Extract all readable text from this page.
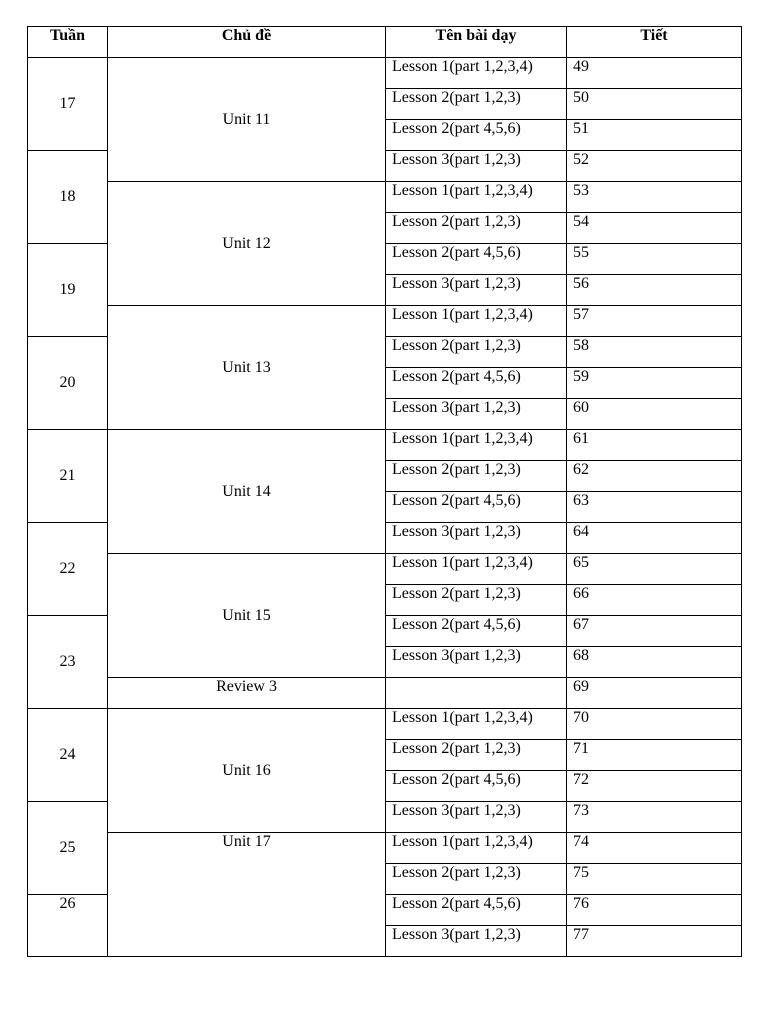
Tuần	Chủ đề	Tên bài dạy	Tiết
17	Unit 11	Lesson 1(part 1,2,3,4)	49
		Lesson 2(part 1,2,3)	50
		Lesson 2(part 4,5,6)	51
18		Lesson 3(part 1,2,3)	52
	Unit 12	Lesson 1(part 1,2,3,4)	53
		Lesson 2(part 1,2,3)	54
19		Lesson 2(part 4,5,6)	55
		Lesson 3(part 1,2,3)	56
	Unit 13	Lesson 1(part 1,2,3,4)	57
20		Lesson 2(part 1,2,3)	58
		Lesson 2(part 4,5,6)	59
		Lesson 3(part 1,2,3)	60
21	Unit 14	Lesson 1(part 1,2,3,4)	61
		Lesson 2(part 1,2,3)	62
		Lesson 2(part 4,5,6)	63
22		Lesson 3(part 1,2,3)	64
	Unit 15	Lesson 1(part 1,2,3,4)	65
		Lesson 2(part 1,2,3)	66
23		Lesson 2(part 4,5,6)	67
		Lesson 3(part 1,2,3)	68
	Review 3		69
24	Unit 16	Lesson 1(part 1,2,3,4)	70
		Lesson 2(part 1,2,3)	71
		Lesson 2(part 4,5,6)	72
25		Lesson 3(part 1,2,3)	73
	Unit 17	Lesson 1(part 1,2,3,4)	74
		Lesson 2(part 1,2,3)	75
26		Lesson 2(part 4,5,6)	76
		Lesson 3(part 1,2,3)	77
